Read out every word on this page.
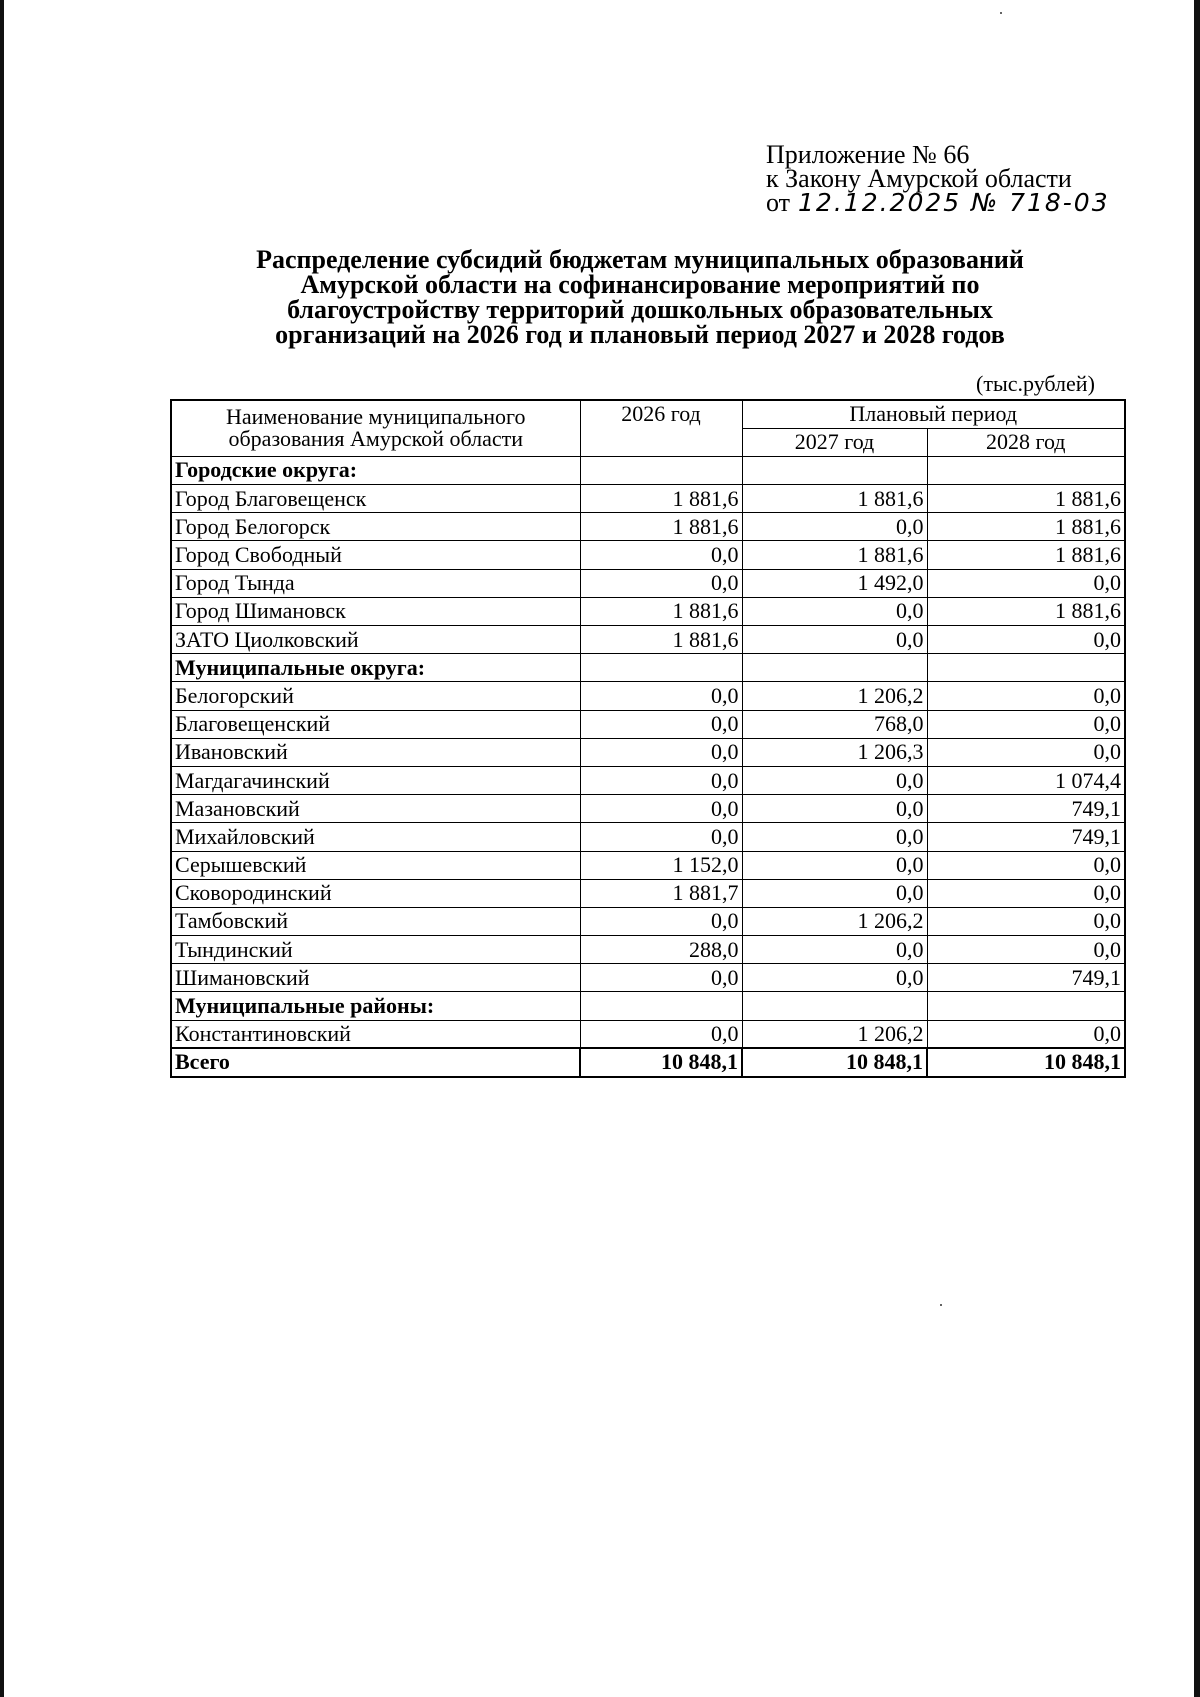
Приложение № 66
к Закону Амурской области
от 12.12.2025 № 718-03
Распределение субсидий бюджетам муниципальных образований
Амурской области на софинансирование мероприятий по
благоустройству территорий дошкольных образовательных
организаций на 2026 год и плановый период 2027 и 2028 годов
(тыс.рублей)
Наименование муниципального
образования Амурской области	2026 год	Плановый период	
		2027 год	2028 год
Городские округа:			
Город Благовещенск	1 881,6	1 881,6	1 881,6
Город Белогорск	1 881,6	0,0	1 881,6
Город Свободный	0,0	1 881,6	1 881,6
Город Тында	0,0	1 492,0	0,0
Город Шимановск	1 881,6	0,0	1 881,6
ЗАТО Циолковский	1 881,6	0,0	0,0
Муниципальные округа:			
Белогорский	0,0	1 206,2	0,0
Благовещенский	0,0	768,0	0,0
Ивановский	0,0	1 206,3	0,0
Магдагачинский	0,0	0,0	1 074,4
Мазановский	0,0	0,0	749,1
Михайловский	0,0	0,0	749,1
Серышевский	1 152,0	0,0	0,0
Сковородинский	1 881,7	0,0	0,0
Тамбовский	0,0	1 206,2	0,0
Тындинский	288,0	0,0	0,0
Шимановский	0,0	0,0	749,1
Муниципальные районы:			
Константиновский	0,0	1 206,2	0,0
Всего	10 848,1	10 848,1	10 848,1
